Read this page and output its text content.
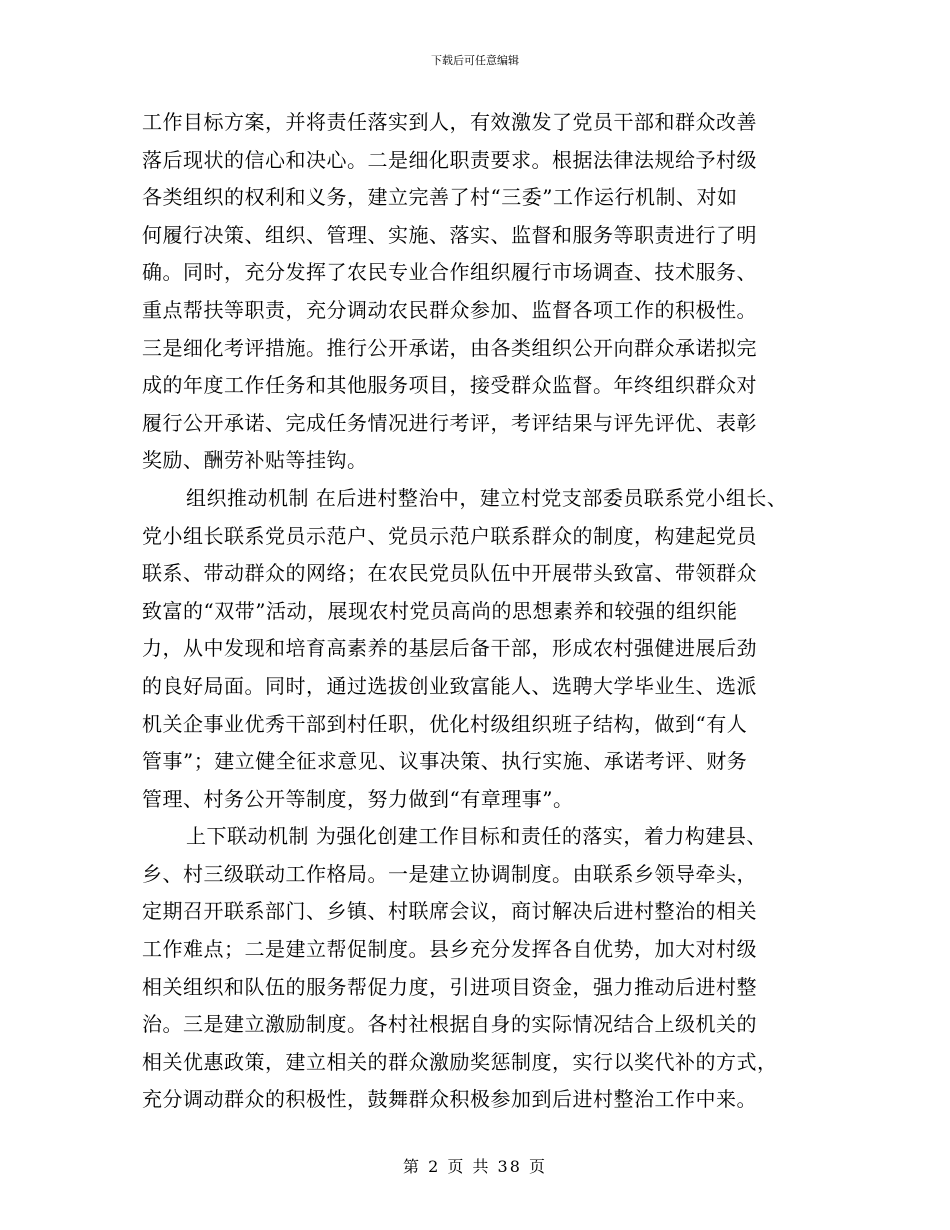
下载后可任意编辑
工作目标方案，并将责任落实到人，有效激发了党员干部和群众改善
落后现状的信心和决心。二是细化职责要求。根据法律法规给予村级
各类组织的权利和义务，建立完善了村“三委”工作运行机制、对如
何履行决策、组织、管理、实施、落实、监督和服务等职责进行了明
确。同时，充分发挥了农民专业合作组织履行市场调查、技术服务、
重点帮扶等职责，充分调动农民群众参加、监督各项工作的积极性。
三是细化考评措施。推行公开承诺，由各类组织公开向群众承诺拟完
成的年度工作任务和其他服务项目，接受群众监督。年终组织群众对
履行公开承诺、完成任务情况进行考评，考评结果与评先评优、表彰
奖励、酬劳补贴等挂钩。
组织推动机制 在后进村整治中，建立村党支部委员联系党小组长、
党小组长联系党员示范户、党员示范户联系群众的制度，构建起党员
联系、带动群众的网络；在农民党员队伍中开展带头致富、带领群众
致富的“双带”活动，展现农村党员高尚的思想素养和较强的组织能
力，从中发现和培育高素养的基层后备干部，形成农村强健进展后劲
的良好局面。同时，通过选拔创业致富能人、选聘大学毕业生、选派
机关企事业优秀干部到村任职，优化村级组织班子结构，做到“有人
管事”；建立健全征求意见、议事决策、执行实施、承诺考评、财务
管理、村务公开等制度，努力做到“有章理事”。
上下联动机制 为强化创建工作目标和责任的落实，着力构建县、
乡、村三级联动工作格局。一是建立协调制度。由联系乡领导牵头，
定期召开联系部门、乡镇、村联席会议，商讨解决后进村整治的相关
工作难点；二是建立帮促制度。县乡充分发挥各自优势，加大对村级
相关组织和队伍的服务帮促力度，引进项目资金，强力推动后进村整
治。三是建立激励制度。各村社根据自身的实际情况结合上级机关的
相关优惠政策，建立相关的群众激励奖惩制度，实行以奖代补的方式，
充分调动群众的积极性，鼓舞群众积极参加到后进村整治工作中来。
第 2 页 共 38 页
